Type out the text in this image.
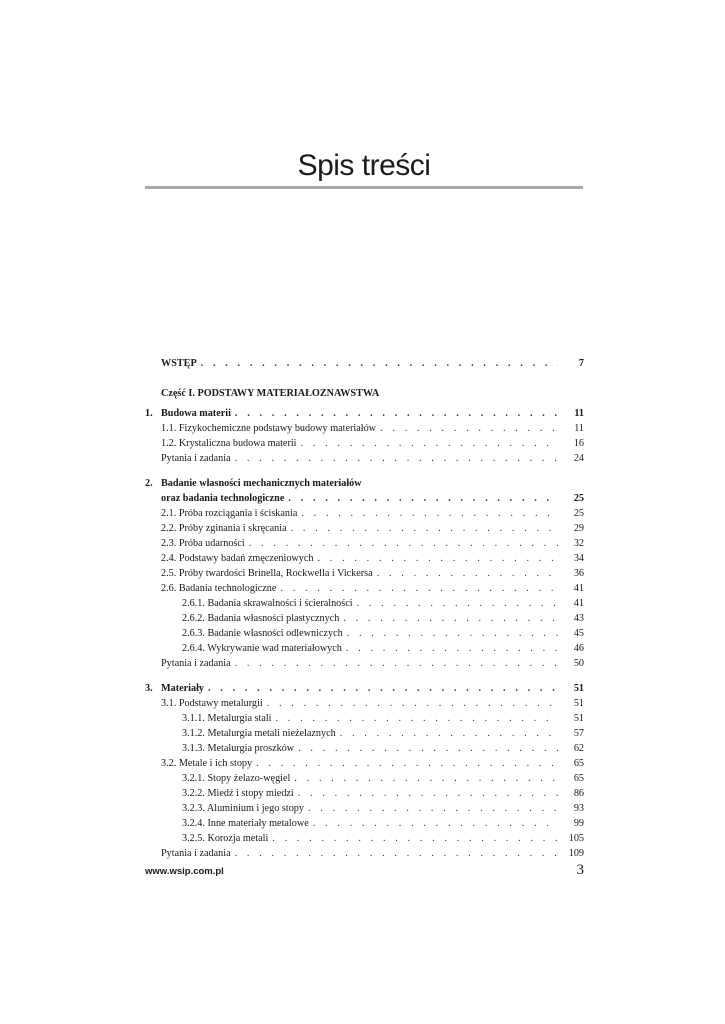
Spis treści
WSTĘP . . .	7
Część I. PODSTAWY MATERIAŁOZNAWSTWA
1. Budowa materii . . .	11
1.1. Fizykochemiczne podstawy budowy materiałów . . .	11
1.2. Krystaliczna budowa materii . . .	16
Pytania i zadania . . .	24
2. Badanie własności mechanicznych materiałów
oraz badania technologiczne . . .	25
2.1. Próba rozciągania i ściskania . . .	25
2.2. Próby zginania i skręcania . . .	29
2.3. Próba udarności . . .	32
2.4. Podstawy badań zmęczeniowych . . .	34
2.5. Próby twardości Brinella, Rockwella i Vickersa . . .	36
2.6. Badania technologiczne . . .	41
2.6.1. Badania skrawalności i ścieralności . . .	41
2.6.2. Badania własności plastycznych . . .	43
2.6.3. Badanie własności odlewniczych . . .	45
2.6.4. Wykrywanie wad materiałowych . . .	46
Pytania i zadania . . .	50
3. Materiały . . .	51
3.1. Podstawy metalurgii . . .	51
3.1.1. Metalurgia stali . . .	51
3.1.2. Metalurgia metali nieżelaznych . . .	57
3.1.3. Metalurgia proszków . . .	62
3.2. Metale i ich stopy . . .	65
3.2.1. Stopy żelazo-węgiel . . .	65
3.2.2. Miedź i stopy miedzi . . .	86
3.2.3. Aluminium i jego stopy . . .	93
3.2.4. Inne materiały metalowe . . .	99
3.2.5. Korozja metali . . .	105
Pytania i zadania . . .	109
www.wsip.com.pl	3
